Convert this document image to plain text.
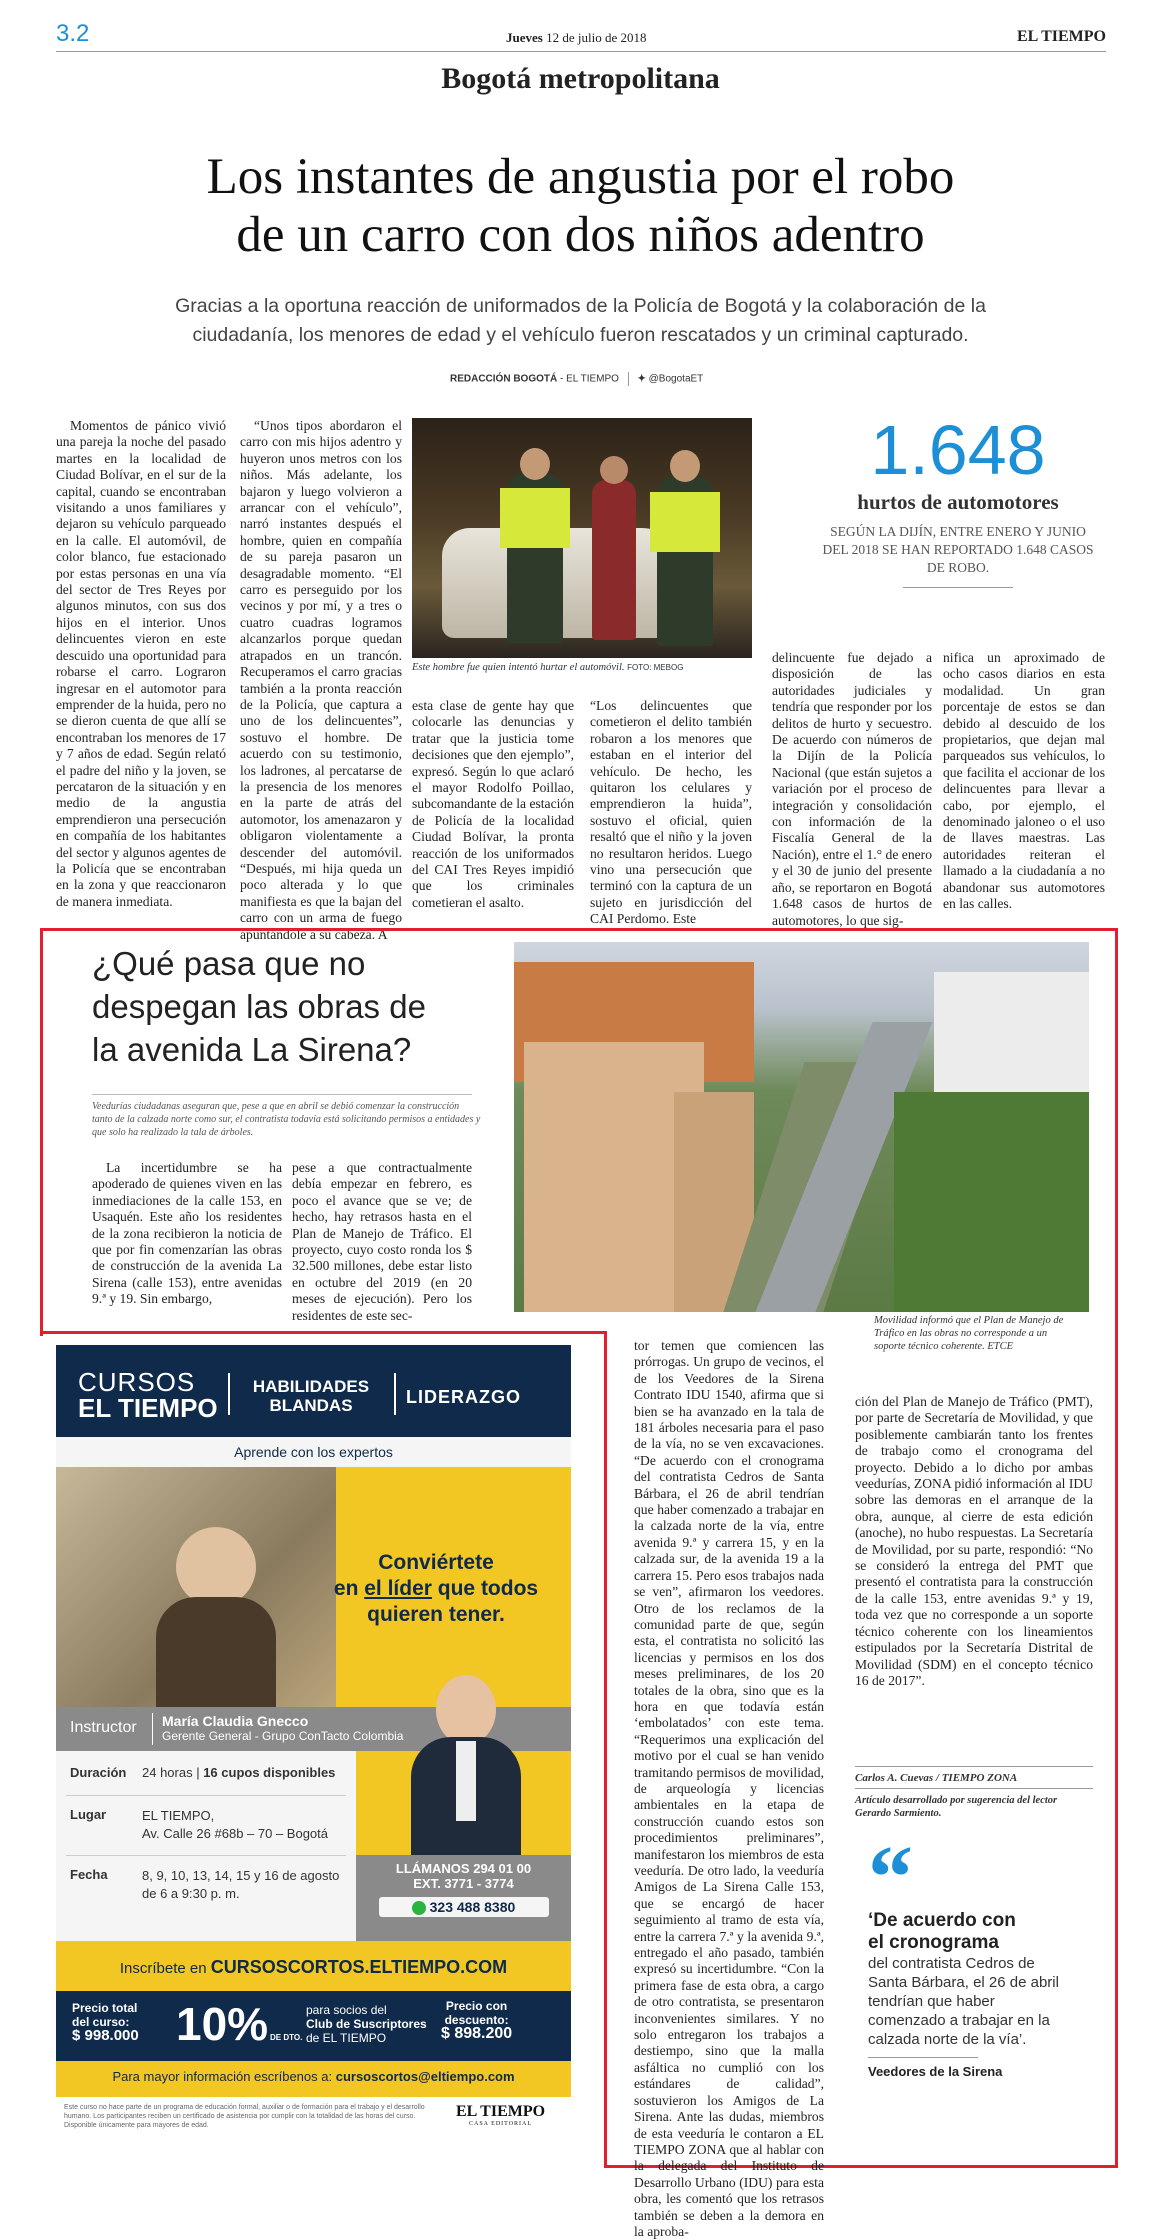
3.2	Jueves 12 de julio de 2018	EL TIEMPO
Bogotá metropolitana
Los instantes de angustia por el robo
de un carro con dos niños adentro
Gracias a la oportuna reacción de uniformados de la Policía de Bogotá y la colaboración de la
ciudadanía, los menores de edad y el vehículo fueron rescatados y un criminal capturado.
REDACCIÓN BOGOTÁ - EL TIEMPO ✦ @BogotaET
Momentos de pánico vivió una pareja la noche del pasado martes en la localidad de Ciudad Bolívar, en el sur de la capital, cuando se encontraban visitando a unos familiares y dejaron su vehículo parqueado en la calle. El automóvil, de color blanco, fue estacionado por estas personas en una vía del sector de Tres Reyes por algunos minutos, con sus dos hijos en el interior. Unos delincuentes vieron en este descuido una oportunidad para robarse el carro. Lograron ingresar en el automotor para emprender de la huida, pero no se dieron cuenta de que allí se encontraban los menores de 17 y 7 años de edad. Según relató el padre del niño y la joven, se percataron de la situación y en medio de la angustia emprendieron una persecución en compañía de los habitantes del sector y algunos agentes de la Policía que se encontraban en la zona y que reaccionaron de manera inmediata.
“Unos tipos abordaron el carro con mis hijos adentro y huyeron unos metros con los niños. Más adelante, los bajaron y luego volvieron a arrancar con el vehículo”, narró instantes después el hombre, quien en compañía de su pareja pasaron un desagradable momento. “El carro es perseguido por los vecinos y por mí, y a tres o cuatro cuadras logramos alcanzarlos porque quedan atrapados en un trancón. Recuperamos el carro gracias también a la pronta reacción de la Policía, que captura a uno de los delincuentes”, sostuvo el hombre. De acuerdo con su testimonio, los ladrones, al percatarse de la presencia de los menores en la parte de atrás del automotor, los amenazaron y obligaron violentamente a descender del automóvil. “Después, mi hija queda un poco alterada y lo que manifiesta es que la bajan del carro con un arma de fuego apuntándole a su cabeza. A
Este hombre fue quien intentó hurtar el automóvil. FOTO: MEBOG
esta clase de gente hay que colocarle las denuncias y tratar que la justicia tome decisiones que den ejemplo”, expresó. Según lo que aclaró el mayor Rodolfo Poillao, subcomandante de la estación de Policía de la localidad Ciudad Bolívar, la pronta reacción de los uniformados del CAI Tres Reyes impidió que los criminales cometieran el asalto.
“Los delincuentes que cometieron el delito también robaron a los menores que estaban en el interior del vehículo. De hecho, les quitaron los celulares y emprendieron la huida”, sostuvo el oficial, quien resaltó que el niño y la joven no resultaron heridos. Luego vino una persecución que terminó con la captura de un sujeto en jurisdicción del CAI Perdomo. Este
1.648
hurtos de automotores
SEGÚN LA DIJÍN, ENTRE ENERO Y JUNIO DEL 2018 SE HAN REPORTADO 1.648 CASOS DE ROBO.
delincuente fue dejado a disposición de las autoridades judiciales y tendría que responder por los delitos de hurto y secuestro. De acuerdo con números de la Dijín de la Policía Nacional (que están sujetos a variación por el proceso de integración y consolidación con información de la Fiscalía General de la Nación), entre el 1.° de enero y el 30 de junio del presente año, se reportaron en Bogotá 1.648 casos de hurtos de automotores, lo que sig-
nifica un aproximado de ocho casos diarios en esta modalidad. Un gran porcentaje de estos se dan debido al descuido de los propietarios, que dejan mal parqueados sus vehículos, lo que facilita el accionar de los delincuentes para llevar a cabo, por ejemplo, el denominado jalonео o el uso de llaves maestras. Las autoridades reiteran el llamado a la ciudadanía a no abandonar sus automotores en las calles.
¿Qué pasa que no
despegan las obras de
la avenida La Sirena?
Veedurías ciudadanas aseguran que, pese a que en abril se debió comenzar la construcción tanto de la calzada norte como sur, el contratista todavía está solicitando permisos a entidades y que solo ha realizado la tala de árboles.
La incertidumbre se ha apoderado de quienes viven en las inmediaciones de la calle 153, en Usaquén. Este año los residentes de la zona recibieron la noticia de que por fin comenzarían las obras de construcción de la avenida La Sirena (calle 153), entre avenidas 9.ª y 19. Sin embargo,
pese a que contractualmente debía empezar en febrero, es poco el avance que se ve; de hecho, hay retrasos hasta en el Plan de Manejo de Tráfico. El proyecto, cuyo costo ronda los $ 32.500 millones, debe estar listo en octubre del 2019 (en 20 meses de ejecución). Pero los residentes de este sec-	Movilidad informó que el Plan de Manejo de Tráfico en las obras no corresponde a un soporte técnico coherente. ETCE
tor temen que comiencen las prórrogas. Un grupo de vecinos, el de los Veedores de la Sirena Contrato IDU 1540, afirma que si bien se ha avanzado en la tala de 181 árboles necesaria para el paso de la vía, no se ven excavaciones. “De acuerdo con el cronograma del contratista Cedros de Santa Bárbara, el 26 de abril tendrían que haber comenzado a trabajar en la calzada norte de la vía, entre avenida 9.ª y carrera 15, y en la calzada sur, de la avenida 19 a la carrera 15. Pero esos trabajos nada se ven”, afirmaron los veedores. Otro de los reclamos de la comunidad parte de que, según esta, el contratista no solicitó las licencias y permisos en los dos meses preliminares, de los 20 totales de la obra, sino que es la hora en que todavía están ‘embolatados’ con este tema. “Requerimos una explicación del motivo por el cual se han venido tramitando permisos de movilidad, de arqueología y licencias ambientales en la etapa de construcción cuando estos son procedimientos preliminares”, manifestaron los miembros de esta veeduría. De otro lado, la veeduría Amigos de La Sirena Calle 153, que se encargó de hacer seguimiento al tramo de esta vía, entre la carrera 7.ª y la avenida 9.ª, entregado el año pasado, también expresó su incertidumbre. “Con la primera fase de esta obra, a cargo de otro contratista, se presentaron inconvenientes similares. Y no solo entregaron los trabajos a destiempo, sino que la malla asfáltica no cumplió con los estándares de calidad”, sostuvieron los Amigos de La Sirena. Ante las dudas, miembros de esta veeduría le contaron a EL TIEMPO ZONA que al hablar con la delegada del Instituto de Desarrollo Urbano (IDU) para esta obra, les comentó que los retrasos también se deben a la demora en la aproba-
ción del Plan de Manejo de Tráfico (PMT), por parte de Secretaría de Movilidad, y que posiblemente cambiarán tanto los frentes de trabajo como el cronograma del proyecto. Debido a lo dicho por ambas veedurías, ZONA pidió información al IDU sobre las demoras en el arranque de la obra, aunque, al cierre de esta edición (anoche), no hubo respuestas. La Secretaría de Movilidad, por su parte, respondió: “No se consideró la entrega del PMT que presentó el contratista para la construcción de la calle 153, entre avenidas 9.ª y 19, toda vez que no corresponde a un soporte técnico coherente con los lineamientos estipulados por la Secretaría Distrital de Movilidad (SDM) en el concepto técnico 16 de 2017”.
Carlos A. Cuevas / TIEMPO ZONA
Artículo desarrollado por sugerencia del lector Gerardo Sarmiento.
“
‘De acuerdo con
el cronograma
del contratista Cedros de Santa Bárbara, el 26 de abril tendrían que haber comenzado a trabajar en la calzada norte de la vía’.
Veedores de la Sirena
CURSOS
EL TIEMPO
HABILIDADES
BLANDAS	LIDERAZGO
Aprende con los expertos
Conviértete
en el líder que todos
quieren tener.
Instructor María Claudia Gnecco
Gerente General - Grupo ConTacto Colombia
Duración 24 horas | 16 cupos disponibles
Lugar	EL TIEMPO,
Av. Calle 26 #68b – 70 – Bogotá
Fecha	8, 9, 10, 13, 14, 15 y 16 de agosto
de 6 a 9:30 p. m.
LLÁMANOS 294 01 00
EXT. 3771 - 3774
323 488 8380
Inscríbete en CURSOSCORTOS.ELTIEMPO.COM
Precio total
del curso:
$ 998.000 10% DE DTO.
para socios del
Club de Suscriptores
de EL TIEMPO
Precio con
descuento:
$ 898.200
Para mayor información escríbenos a: cursoscortos@eltiempo.com
Este curso no hace parte de un programa de educación formal, auxiliar o de formación para el trabajo y el desarrollo humano. Los participantes reciben un certificado de asistencia por cumplir con la totalidad de las horas del curso. Disponible únicamente para mayores de edad.
EL TIEMPO
CASA EDITORIAL
